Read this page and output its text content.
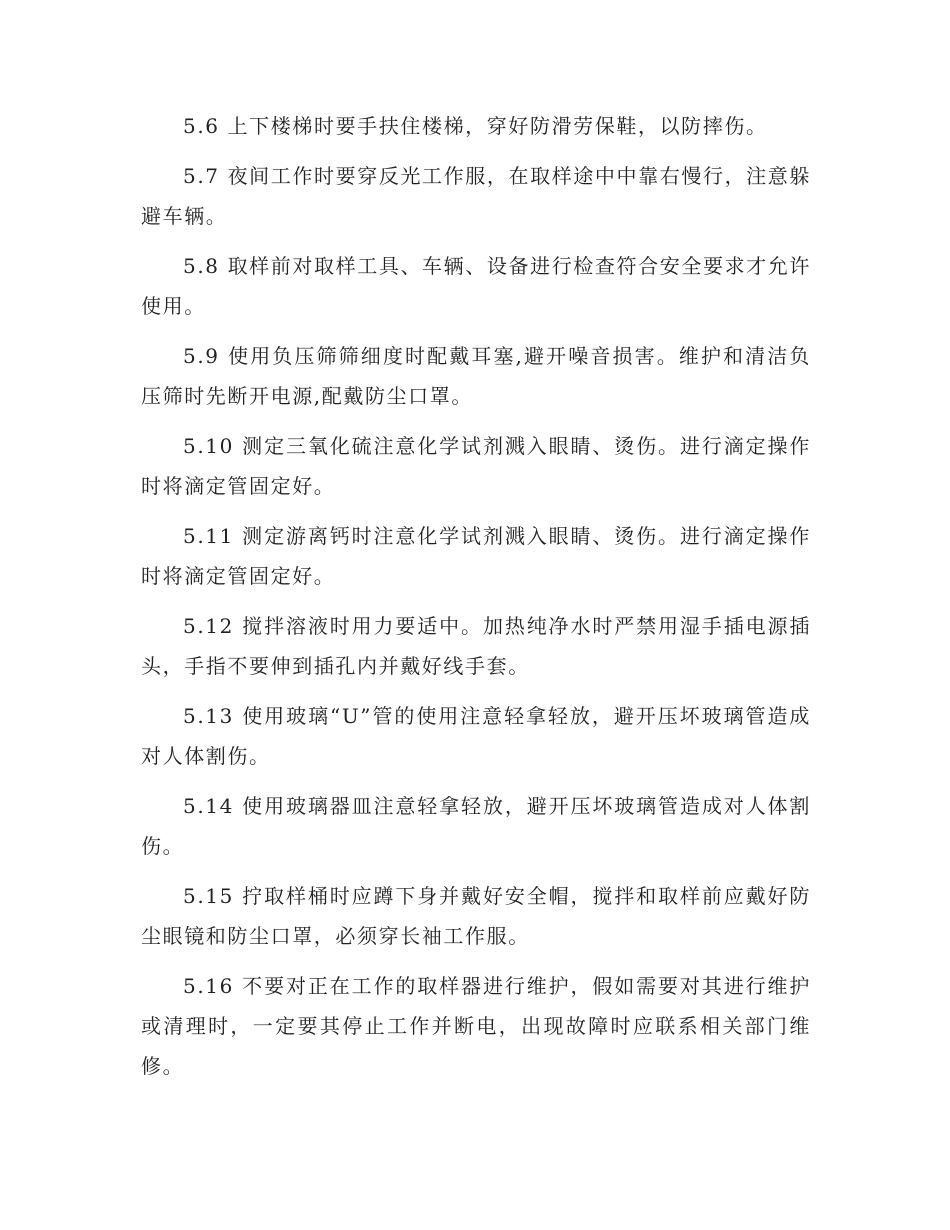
5.6 上下楼梯时要手扶住楼梯，穿好防滑劳保鞋，以防摔伤。

5.7 夜间工作时要穿反光工作服，在取样途中中靠右慢行，注意躲避车辆。

5.8 取样前对取样工具、车辆、设备进行检查符合安全要求才允许使用。

5.9 使用负压筛筛细度时配戴耳塞,避开噪音损害。维护和清洁负压筛时先断开电源,配戴防尘口罩。

5.10 测定三氧化硫注意化学试剂溅入眼睛、烫伤。进行滴定操作时将滴定管固定好。

5.11 测定游离钙时注意化学试剂溅入眼睛、烫伤。进行滴定操作时将滴定管固定好。

5.12 搅拌溶液时用力要适中。加热纯净水时严禁用湿手插电源插头，手指不要伸到插孔内并戴好线手套。

5.13 使用玻璃“U”管的使用注意轻拿轻放，避开压坏玻璃管造成对人体割伤。

5.14 使用玻璃器皿注意轻拿轻放，避开压坏玻璃管造成对人体割伤。

5.15 拧取样桶时应蹲下身并戴好安全帽，搅拌和取样前应戴好防尘眼镜和防尘口罩，必须穿长袖工作服。

5.16 不要对正在工作的取样器进行维护，假如需要对其进行维护或清理时，一定要其停止工作并断电，出现故障时应联系相关部门维修。
